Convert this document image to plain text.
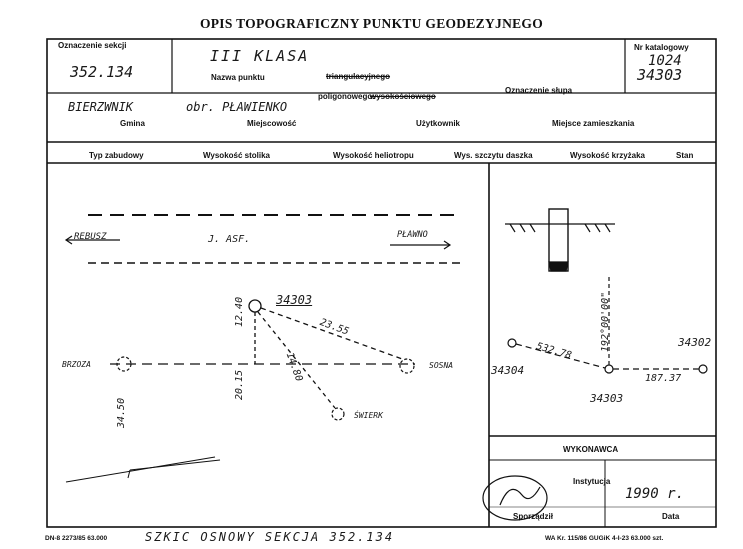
OPIS TOPOGRAFICZNY PUNKTU GEODEZYJNEGO
Oznaczenie sekcji
352.134
III KLASA
Nazwa punktu	triangulacyjnego
poligonowego:
wysokościowego
Oznaczenie słupa
Nr katalogowy
1024
34303
BIERZWNIK	obr. PŁAWIENKO
Gmina	Miejscowość	Użytkownik	Miejsce zamieszkania
Typ zabudowy	Wysokość stolika	Wysokość heliotropu	Wys. szczytu daszka	Wysokość krzyżaka	Stan
REBUSZ	J. ASF.	PŁAWNO
34303
12.40
23.55
14.80
20.15
34.50
BRZOZA	SOSNA
ŚWIERK
34304
34302
34303
532.78
187.37
192°00'00"
WYKONAWCA
Instytucja
1990 r.
Sporządził	Data
DN-8 2273/85 63.000	SZKIC OSNOWY SEKCJA 352.134	WA Kr. 115/86 GUGiK 4-I-23 63.000 szt.
